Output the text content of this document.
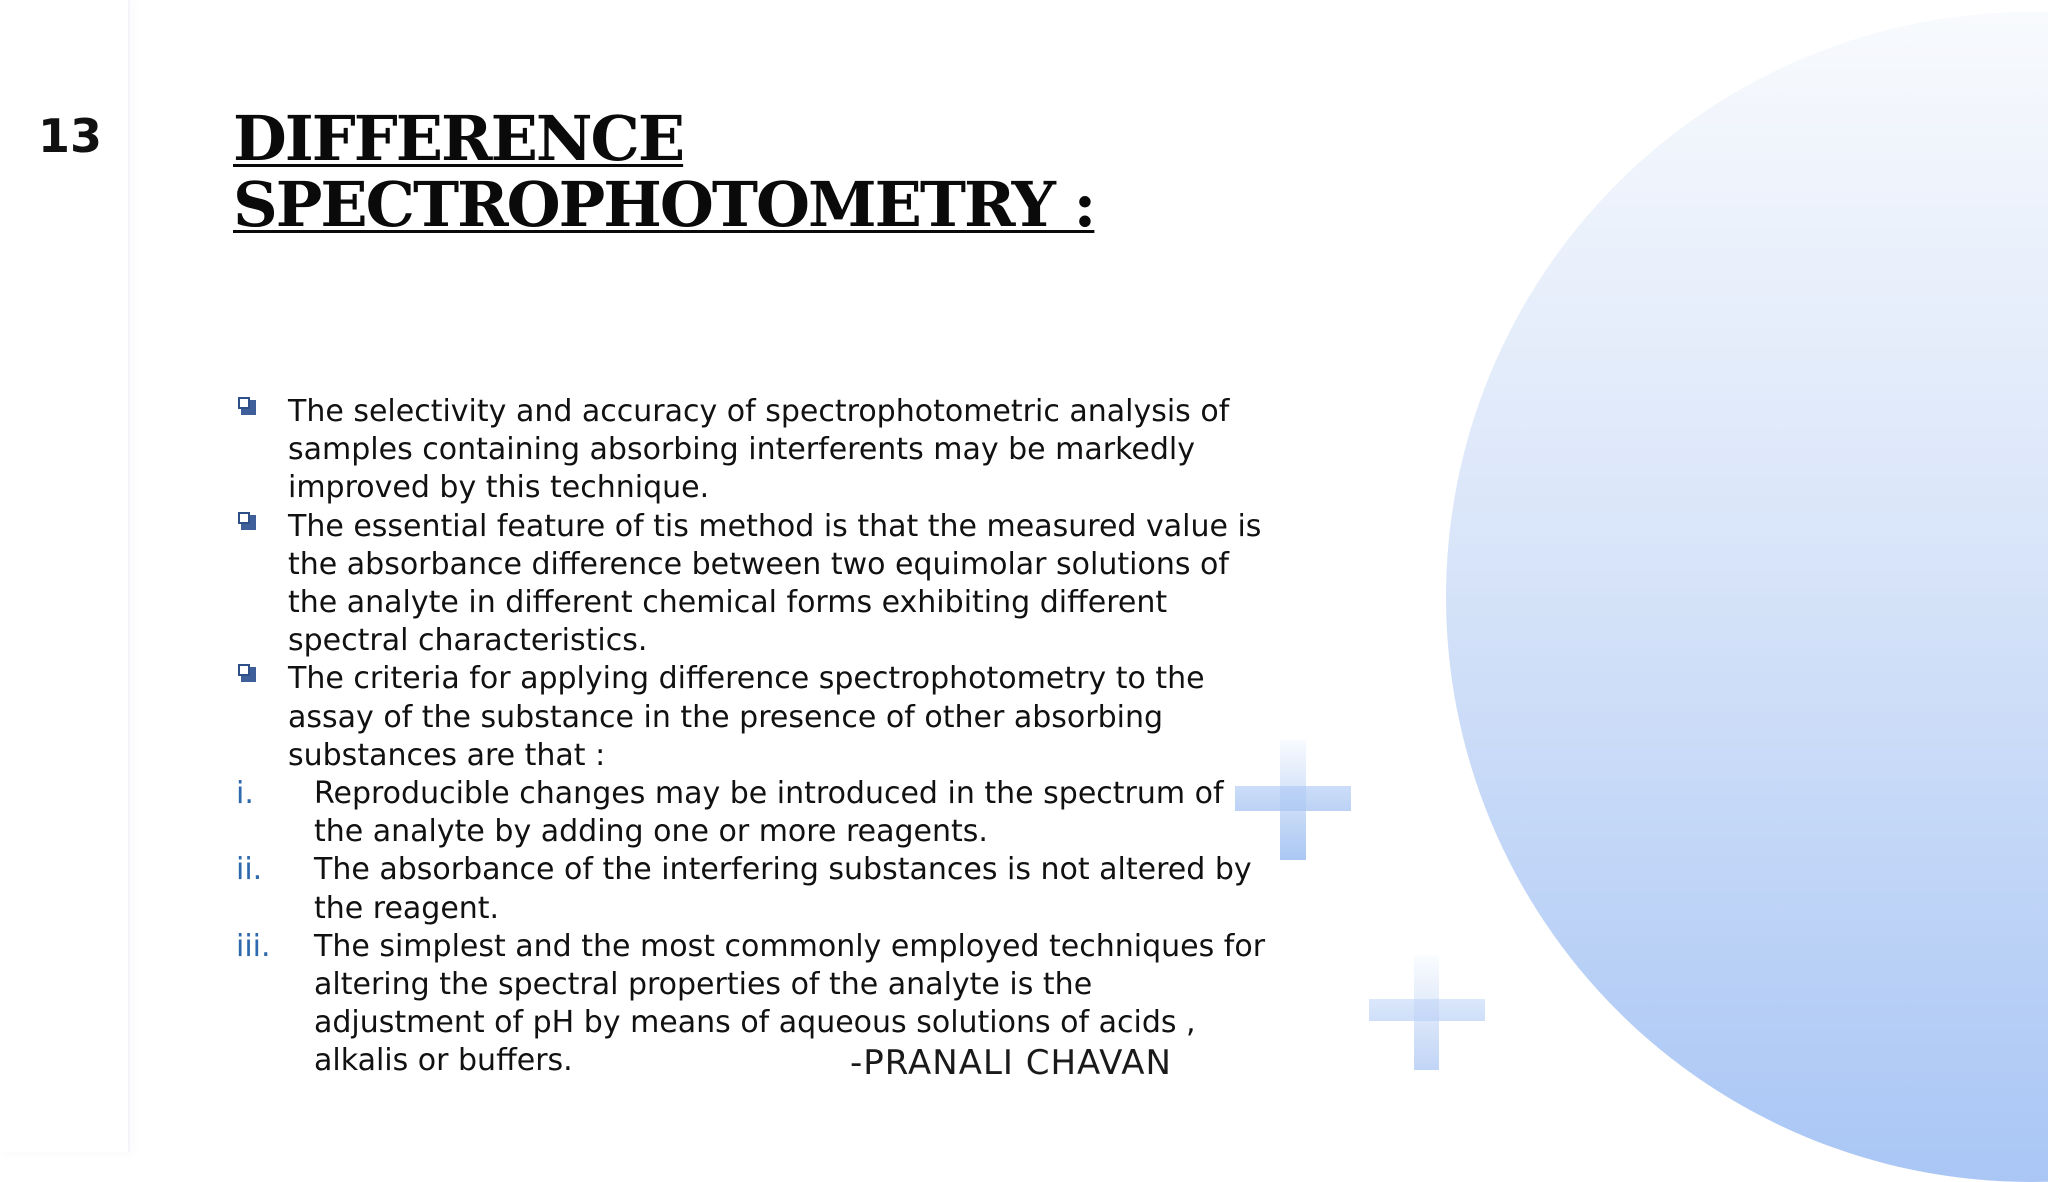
13 DIFFERENCE
SPECTROPHOTOMETRY :
The selectivity and accuracy of spectrophotometric analysis of samples containing absorbing interferents may be markedly improved by this technique.
The essential feature of tis method is that the measured value is the absorbance difference between two equimolar solutions of the analyte in different chemical forms exhibiting different spectral characteristics.
The criteria for applying difference spectrophotometry to the assay of the substance in the presence of other absorbing substances are that :
i. Reproducible changes may be introduced in the spectrum of the analyte by adding one or more reagents.
ii. The absorbance of the interfering substances is not altered by the reagent.
iii. The simplest and the most commonly employed techniques for altering the spectral properties of the analyte is the adjustment of pH by means of aqueous solutions of acids , alkalis or buffers.	-PRANALI CHAVAN
